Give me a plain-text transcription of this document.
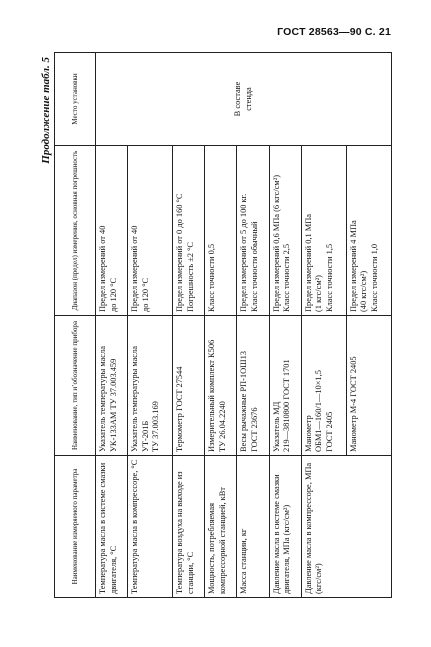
ГОСТ 28563—90 С. 21
Продолжение табл. 5
Наименование измеряемого параметра	Наименование, тип и’обозначение прибора	Диапазон (предел) измерения, основная погрешность	Место установки
Температура масла в системе смазки двигателя, °С	Указатель температуры масла УК-133АМ ТУ 37.003.459	Предел измерений от 40 до 120 °С	В составе стенда

Температура масла в компрессоре, °С	Указатель температуры масла УТ-201Б ТУ 37.003.169	Предел измерений от 40 до 120 °С	

Температура воздуха на выходе из станции, °С	Термометр ГОСТ 27544	Предел измерений от 0 до 160 °С Погрешность ±2 °С	

Мощность, потребляемая компрессорной станцией, кВт	Измерительный комплект К506 ТУ 26.04.2240	Класс точности 0,5	

Масса станции, кг	Весы рычажные РП-1ОШ13 ГОСТ 23676	Предел измерений от 5 до 100 кг. Класс точности обычный	

Давление масла в системе смазки двигателя, МПа (кгс/см²)	Указатель МД 219—3810800 ГОСТ 1701	Предел измерений 0,6 МПа (6 кгс/см²) Класс точности 2,5	

Давление масла в компрессоре, МПа (кгс/см²)	Манометр ОБМ1—160/1—10×1,5 ГОСТ 2405	Предел измерений 0,1 МПа (1 кгс/см²) Класс точности 1,5	

	Манометр М-4 ГОСТ 2405	Предел измерений 4 МПа (40 кгс/см²) Класс точности 1,0	
